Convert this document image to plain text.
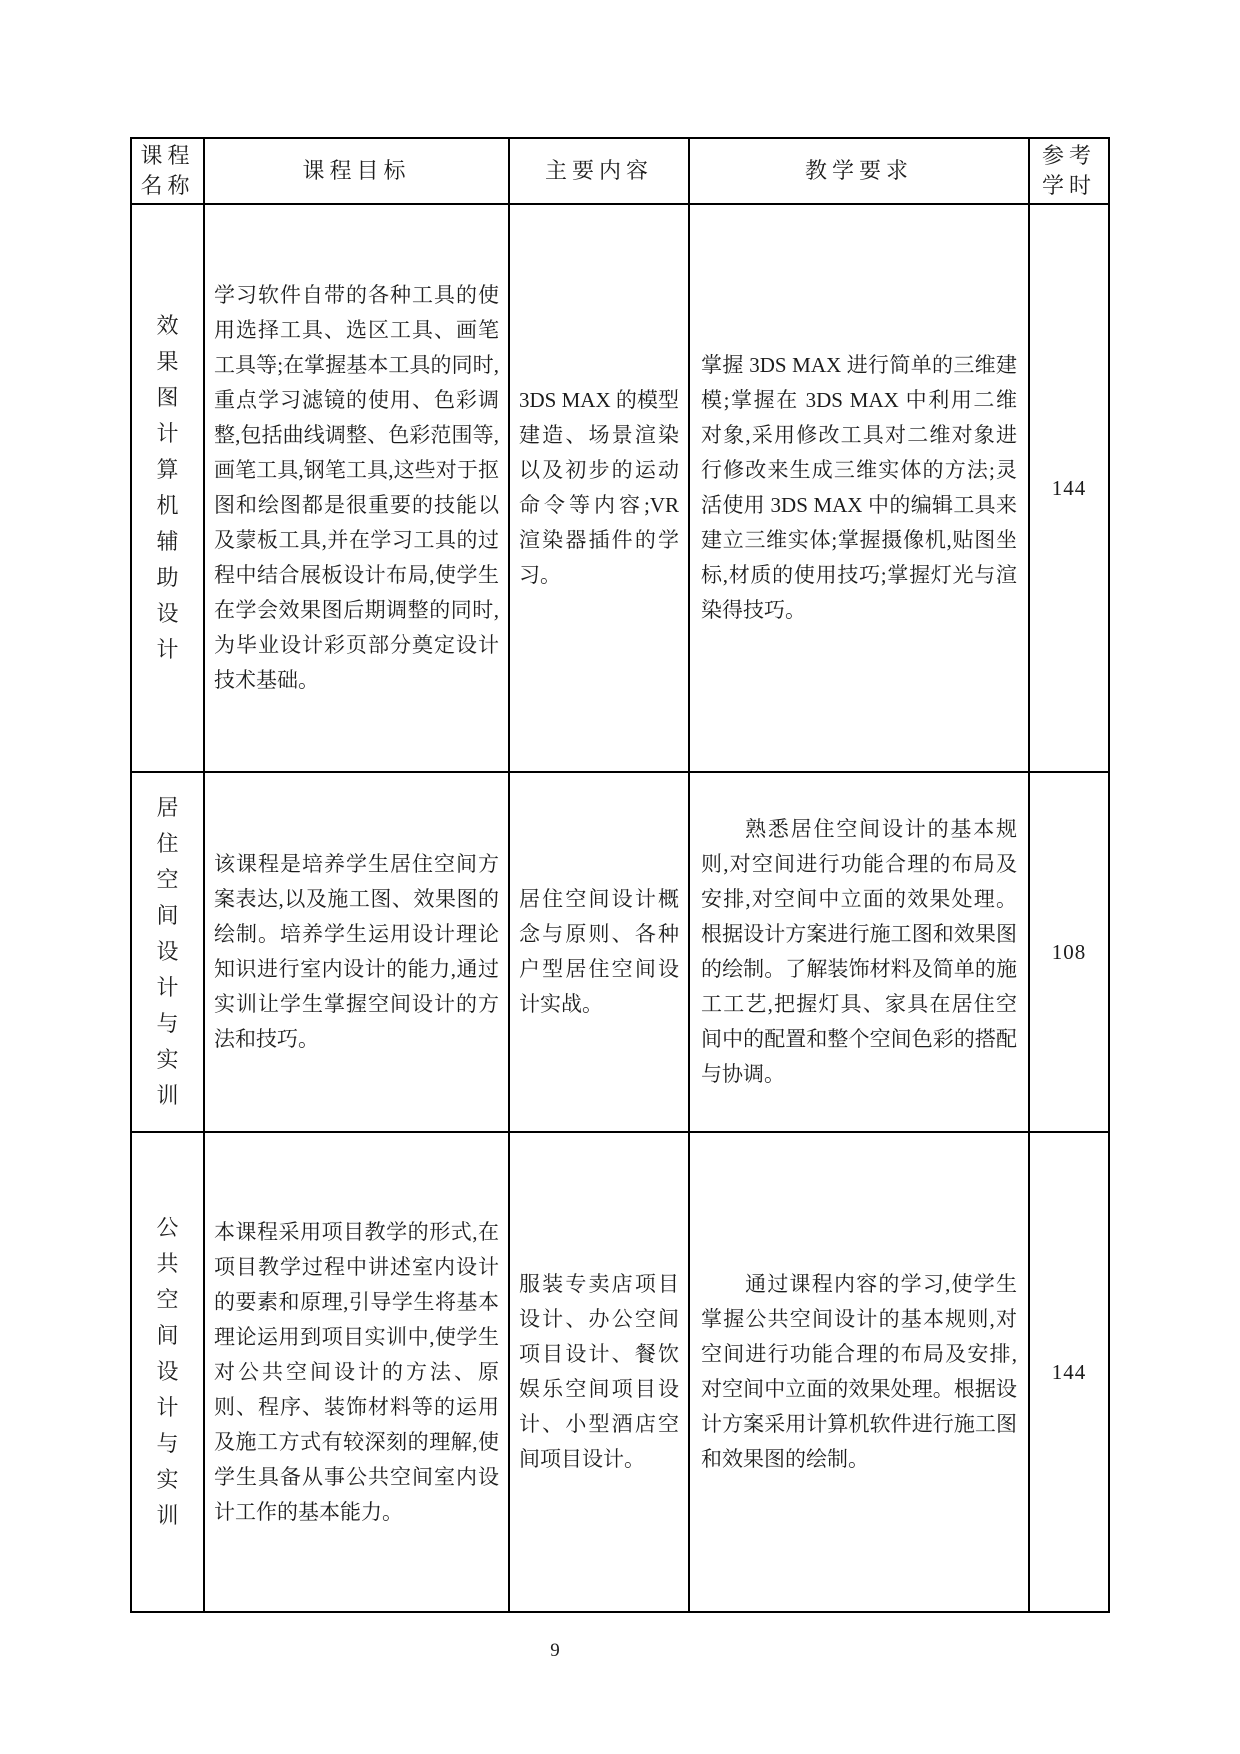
课程名称	课程目标	主要内容	教学要求	参考学时
效果图计算机辅助设计	学习软件自带的各种工具的使用选择工具、选区工具、画笔工具等;在掌握基本工具的同时,重点学习滤镜的使用、色彩调整,包括曲线调整、色彩范围等,画笔工具,钢笔工具,这些对于抠图和绘图都是很重要的技能以及蒙板工具,并在学习工具的过程中结合展板设计布局,使学生在学会效果图后期调整的同时,为毕业设计彩页部分奠定设计技术基础。	3DS MAX 的模型建造、场景渲染以及初步的运动命令等内容;VR 渲染器插件的学习。	掌握 3DS MAX 进行简单的三维建模;掌握在 3DS MAX 中利用二维对象,采用修改工具对二维对象进行修改来生成三维实体的方法;灵活使用 3DS MAX 中的编辑工具来建立三维实体;掌握摄像机,贴图坐标,材质的使用技巧;掌握灯光与渲染得技巧。	144

居住空间设计与实训	该课程是培养学生居住空间方案表达,以及施工图、效果图的绘制。培养学生运用设计理论知识进行室内设计的能力,通过实训让学生掌握空间设计的方法和技巧。	居住空间设计概念与原则、各种户型居住空间设计实战。	熟悉居住空间设计的基本规则,对空间进行功能合理的布局及安排,对空间中立面的效果处理。根据设计方案进行施工图和效果图的绘制。了解装饰材料及简单的施工工艺,把握灯具、家具在居住空间中的配置和整个空间色彩的搭配与协调。	108

公共空间设计与实训	本课程采用项目教学的形式,在项目教学过程中讲述室内设计的要素和原理,引导学生将基本理论运用到项目实训中,使学生对公共空间设计的方法、原则、程序、装饰材料等的运用及施工方式有较深刻的理解,使学生具备从事公共空间室内设计工作的基本能力。	服装专卖店项目设计、办公空间项目设计、餐饮娱乐空间项目设计、小型酒店空间项目设计。	通过课程内容的学习,使学生掌握公共空间设计的基本规则,对空间进行功能合理的布局及安排,对空间中立面的效果处理。根据设计方案采用计算机软件进行施工图和效果图的绘制。	144
9
